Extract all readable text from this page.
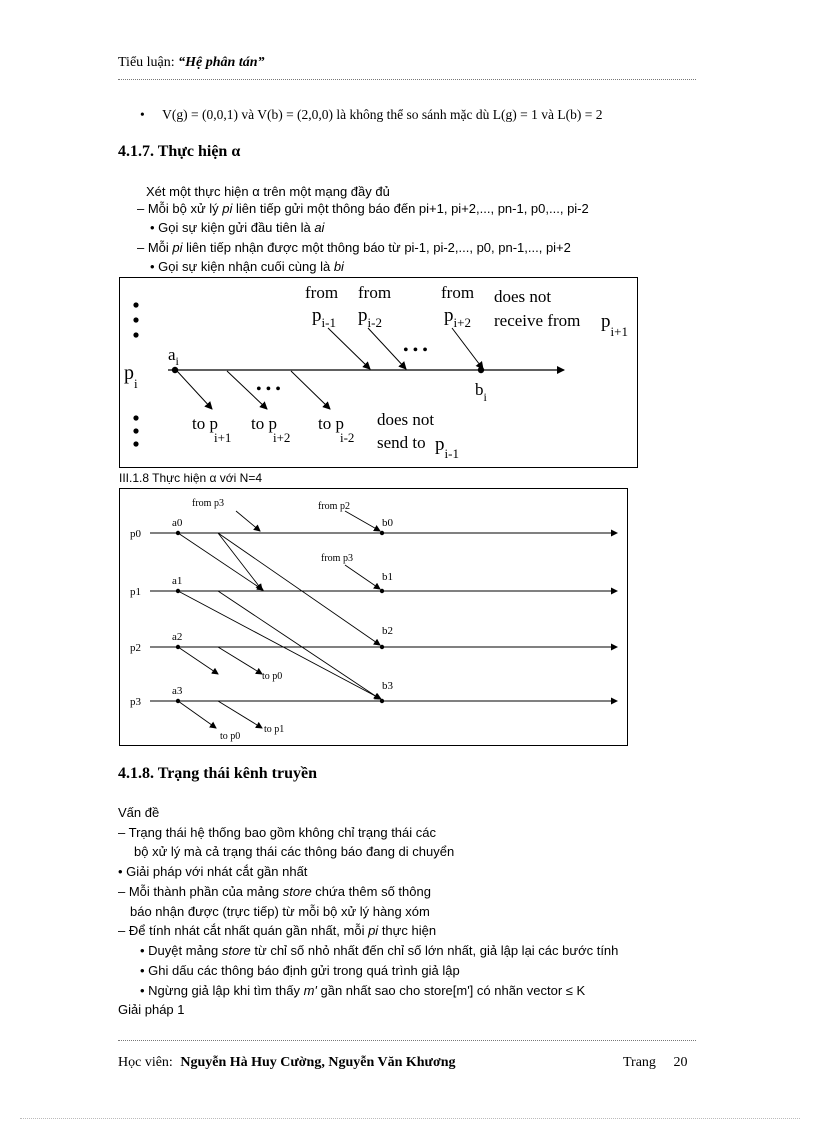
Tiểu luận: “Hệ phân tán”
• V(g) = (0,0,1) và V(b) = (2,0,0) là không thể so sánh mặc dù L(g) = 1 và L(b) = 2
4.1.7. Thực hiện α
Xét một thực hiện α trên một mạng đầy đủ
– Mỗi bộ xử lý pi liên tiếp gửi một thông báo đến pi+1, pi+2,..., pn-1, p0,..., pi-2
• Gọi sự kiện gửi đầu tiên là ai
– Mỗi pi liên tiếp nhận được một thông báo từ pi-1, pi-2,..., p0, pn-1,..., pi+2
• Gọi sự kiện nhận cuối cùng là bi
• • •
• • •
$p_i$
$a_i$
$b_i$
from
$p_{i-1}$
from
$p_{i-2}$
from
$p_{i+2}$
does not
receive from $p_{i+1}$
to p i+1
to p i+2
to p i-2
does not
send to $p_{i-1}$
III.1.8 Thực hiện α với N=4
p0
p1
p2
p3
a0
a1
a2
a3
b0
b1
b2
b3
from p3	from p2
from p3
to p0
to p0
to p1
4.1.8. Trạng thái kênh truyền
Vấn đề
– Trạng thái hệ thống bao gồm không chỉ trạng thái các
bộ xử lý mà cả trạng thái các thông báo đang di chuyển
• Giải pháp với nhát cắt gần nhất
– Mỗi thành phần của mảng store chứa thêm số thông
báo nhận được (trực tiếp) từ mỗi bộ xử lý hàng xóm
– Để tính nhát cắt nhất quán gần nhất, mỗi pi thực hiện
• Duyệt mảng store từ chỉ số nhỏ nhất đến chỉ số lớn nhất, giả lập lại các bước tính
• Ghi dấu các thông báo định gửi trong quá trình giả lập
• Ngừng giả lập khi tìm thấy m' gần nhất sao cho store[m'] có nhãn vector ≤ K
Giải pháp 1
Học viên: Nguyễn Hà Huy Cường, Nguyễn Văn Khương	Trang 20
